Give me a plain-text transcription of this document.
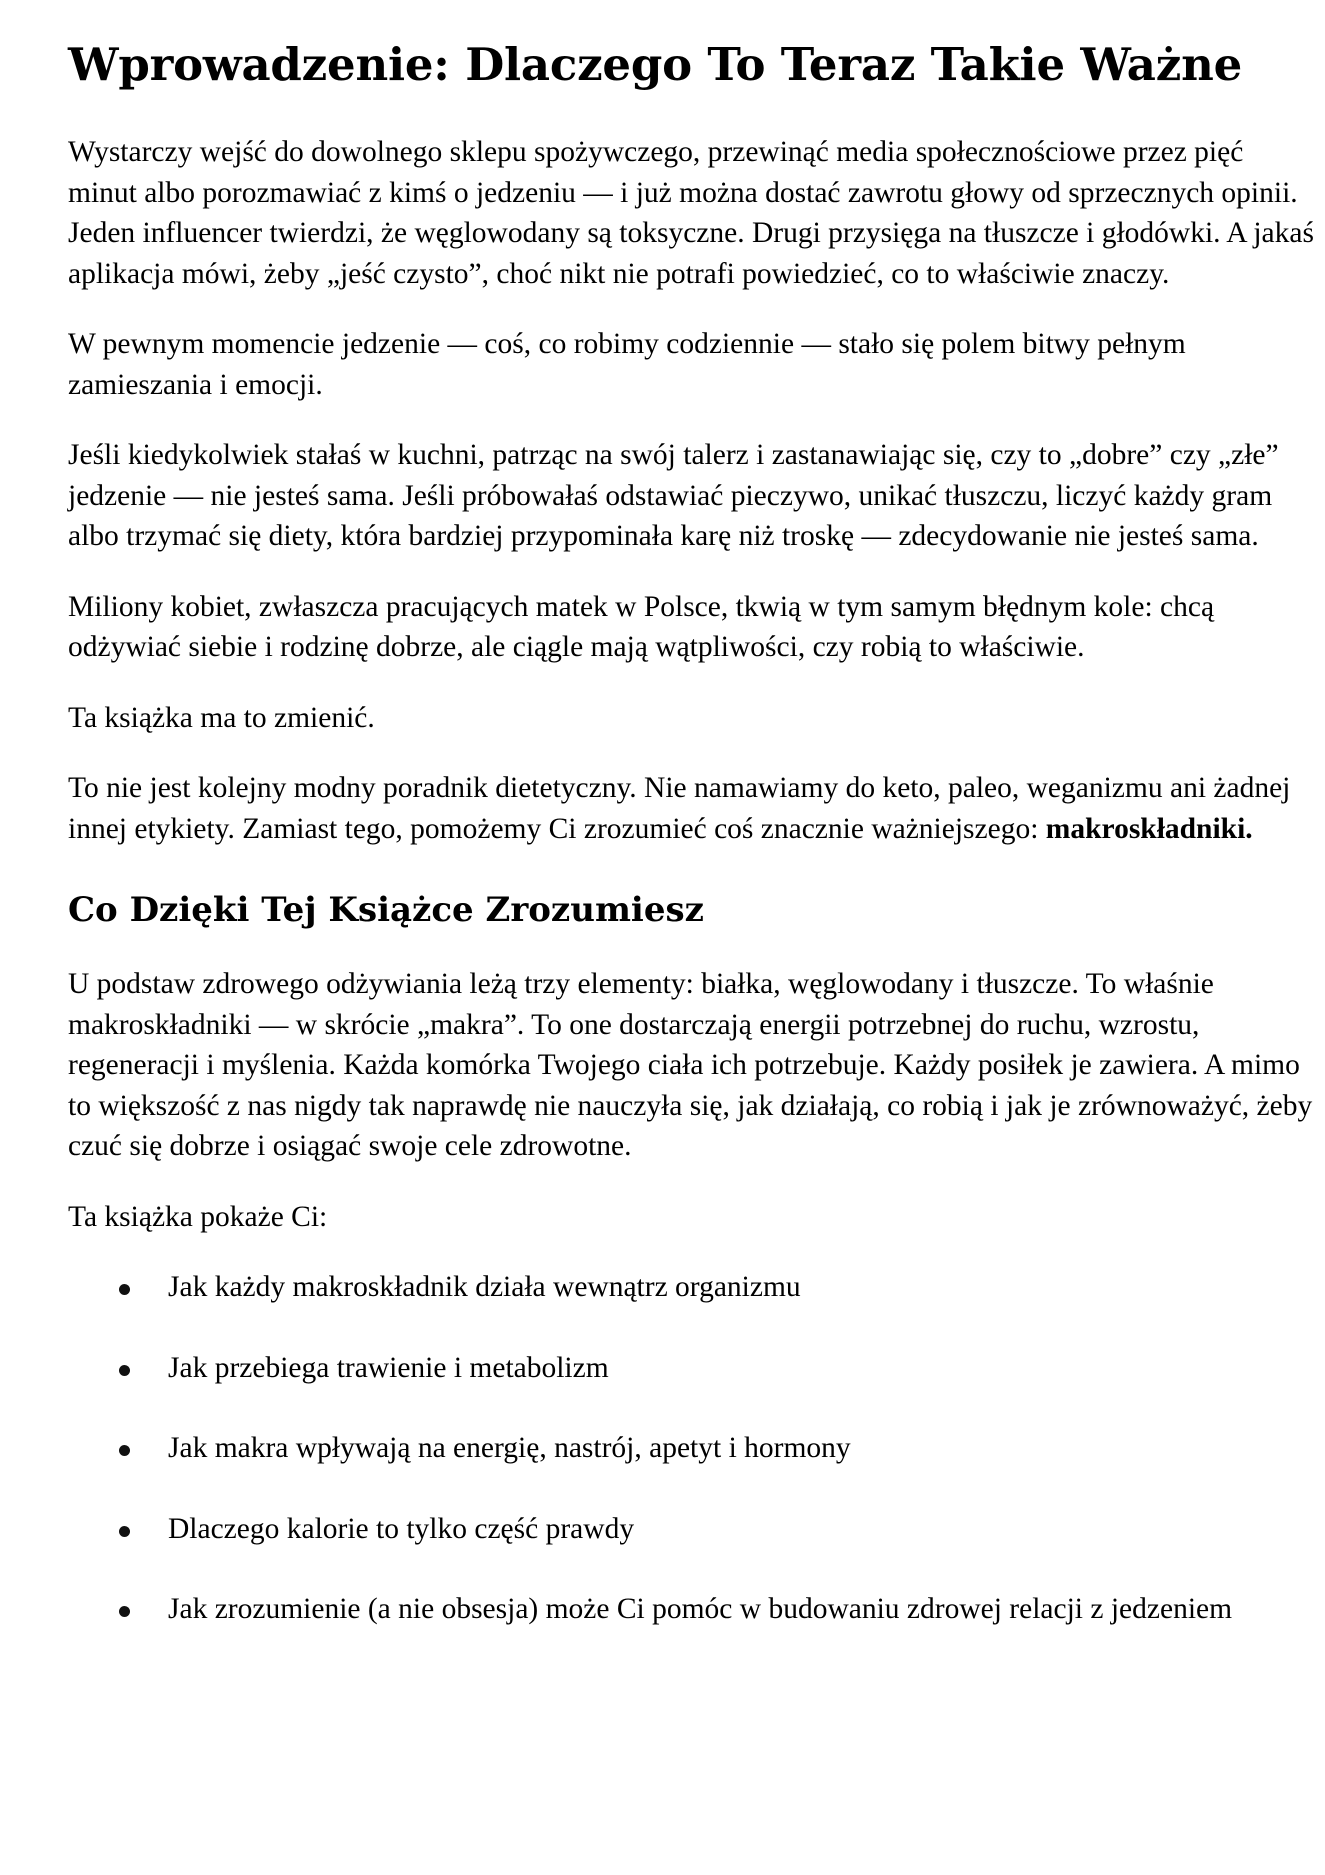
Wprowadzenie: Dlaczego To Teraz Takie Ważne

Wystarczy wejść do dowolnego sklepu spożywczego, przewinąć media społecznościowe przez pięć minut albo porozmawiać z kimś o jedzeniu — i już można dostać zawrotu głowy od sprzecznych opinii. Jeden influencer twierdzi, że węglowodany są toksyczne. Drugi przysięga na tłuszcze i głodówki. A jakaś aplikacja mówi, żeby „jeść czysto”, choć nikt nie potrafi powiedzieć, co to właściwie znaczy.

W pewnym momencie jedzenie — coś, co robimy codziennie — stało się polem bitwy pełnym zamieszania i emocji.

Jeśli kiedykolwiek stałaś w kuchni, patrząc na swój talerz i zastanawiając się, czy to „dobre” czy „złe” jedzenie — nie jesteś sama. Jeśli próbowałaś odstawiać pieczywo, unikać tłuszczu, liczyć każdy gram albo trzymać się diety, która bardziej przypominała karę niż troskę — zdecydowanie nie jesteś sama.

Miliony kobiet, zwłaszcza pracujących matek w Polsce, tkwią w tym samym błędnym kole: chcą odżywiać siebie i rodzinę dobrze, ale ciągle mają wątpliwości, czy robią to właściwie.

Ta książka ma to zmienić.

To nie jest kolejny modny poradnik dietetyczny. Nie namawiamy do keto, paleo, weganizmu ani żadnej innej etykiety. Zamiast tego, pomożemy Ci zrozumieć coś znacznie ważniejszego: makroskładniki.

Co Dzięki Tej Książce Zrozumiesz

U podstaw zdrowego odżywiania leżą trzy elementy: białka, węglowodany i tłuszcze. To właśnie makroskładniki — w skrócie „makra”. To one dostarczają energii potrzebnej do ruchu, wzrostu, regeneracji i myślenia. Każda komórka Twojego ciała ich potrzebuje. Każdy posiłek je zawiera. A mimo to większość z nas nigdy tak naprawdę nie nauczyła się, jak działają, co robią i jak je zrównoważyć, żeby czuć się dobrze i osiągać swoje cele zdrowotne.

Ta książka pokaże Ci:

Jak każdy makroskładnik działa wewnątrz organizmu
Jak przebiega trawienie i metabolizm
Jak makra wpływają na energię, nastrój, apetyt i hormony
Dlaczego kalorie to tylko część prawdy
Jak zrozumienie (a nie obsesja) może Ci pomóc w budowaniu zdrowej relacji z jedzeniem
